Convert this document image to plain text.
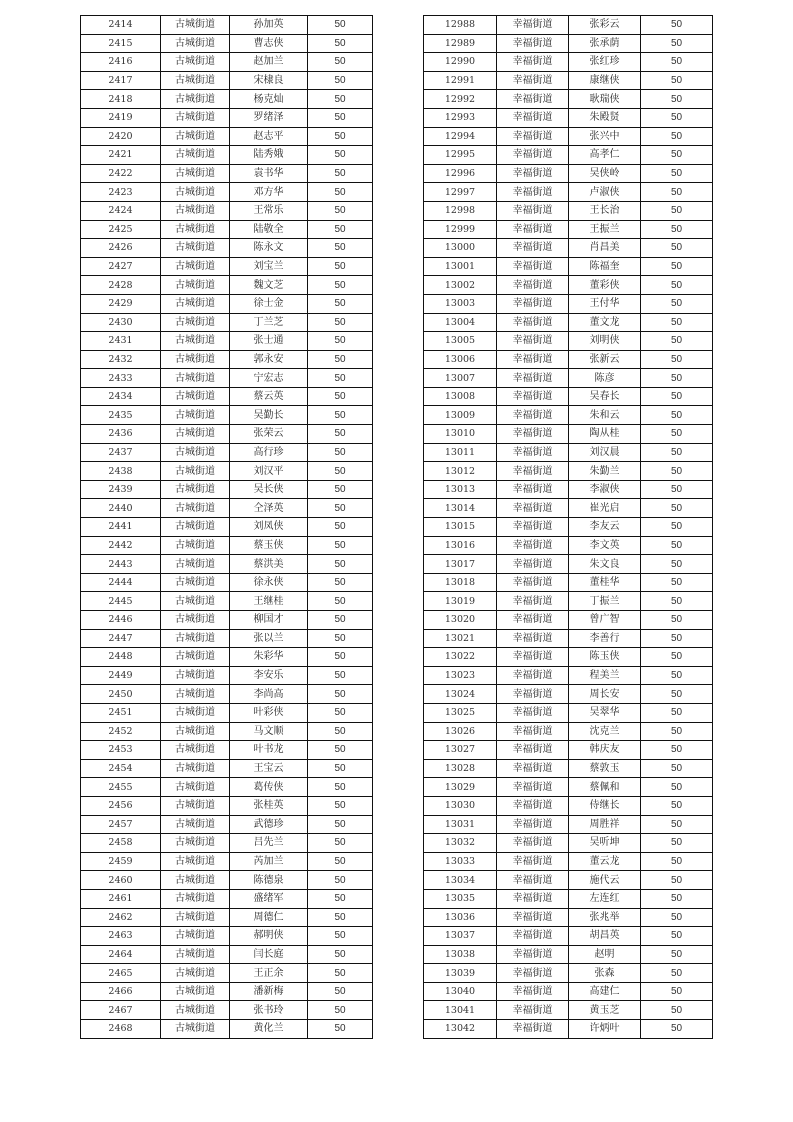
2414	古城街道	孙加英	50
2415	古城街道	曹志侠	50
2416	古城街道	赵加兰	50
2417	古城街道	宋棣良	50
2418	古城街道	杨克灿	50
2419	古城街道	罗绪泽	50
2420	古城街道	赵志平	50
2421	古城街道	陆秀娥	50
2422	古城街道	袁书华	50
2423	古城街道	邓方华	50
2424	古城街道	王常乐	50
2425	古城街道	陆敬全	50
2426	古城街道	陈永文	50
2427	古城街道	刘宝兰	50
2428	古城街道	魏文芝	50
2429	古城街道	徐士金	50
2430	古城街道	丁兰芝	50
2431	古城街道	张士通	50
2432	古城街道	郭永安	50
2433	古城街道	宁宏志	50
2434	古城街道	蔡云英	50
2435	古城街道	吴勤长	50
2436	古城街道	张荣云	50
2437	古城街道	高行珍	50
2438	古城街道	刘汉平	50
2439	古城街道	吴长侠	50
2440	古城街道	仝泽英	50
2441	古城街道	刘凤侠	50
2442	古城街道	蔡玉侠	50
2443	古城街道	蔡洪美	50
2444	古城街道	徐永侠	50
2445	古城街道	王继桂	50
2446	古城街道	柳国才	50
2447	古城街道	张以兰	50
2448	古城街道	朱彩华	50
2449	古城街道	李安乐	50
2450	古城街道	李尚高	50
2451	古城街道	叶彩侠	50
2452	古城街道	马文顺	50
2453	古城街道	叶书龙	50
2454	古城街道	王宝云	50
2455	古城街道	葛传侠	50
2456	古城街道	张桂英	50
2457	古城街道	武德珍	50
2458	古城街道	吕先兰	50
2459	古城街道	芮加兰	50
2460	古城街道	陈德泉	50
2461	古城街道	盛绪军	50
2462	古城街道	周德仁	50
2463	古城街道	郝明侠	50
2464	古城街道	闫长庭	50
2465	古城街道	王正余	50
2466	古城街道	潘新梅	50
2467	古城街道	张书玲	50
2468	古城街道	黄化兰	50
12988	幸福街道	张彩云	50
12989	幸福街道	张承荫	50
12990	幸福街道	张红珍	50
12991	幸福街道	康继侠	50
12992	幸福街道	耿瑞侠	50
12993	幸福街道	朱殿贤	50
12994	幸福街道	张兴中	50
12995	幸福街道	高孝仁	50
12996	幸福街道	吴侠岭	50
12997	幸福街道	卢淑侠	50
12998	幸福街道	王长治	50
12999	幸福街道	王振兰	50
13000	幸福街道	肖昌美	50
13001	幸福街道	陈福奎	50
13002	幸福街道	董彩侠	50
13003	幸福街道	王付华	50
13004	幸福街道	董文龙	50
13005	幸福街道	刘明侠	50
13006	幸福街道	张新云	50
13007	幸福街道	陈彦	50
13008	幸福街道	吴春长	50
13009	幸福街道	朱和云	50
13010	幸福街道	陶从桂	50
13011	幸福街道	刘汉晨	50
13012	幸福街道	朱勤兰	50
13013	幸福街道	李淑侠	50
13014	幸福街道	崔光启	50
13015	幸福街道	李友云	50
13016	幸福街道	李文英	50
13017	幸福街道	朱文良	50
13018	幸福街道	董桂华	50
13019	幸福街道	丁振兰	50
13020	幸福街道	曾广智	50
13021	幸福街道	李善行	50
13022	幸福街道	陈玉侠	50
13023	幸福街道	程美兰	50
13024	幸福街道	周长安	50
13025	幸福街道	吴翠华	50
13026	幸福街道	沈克兰	50
13027	幸福街道	韩庆友	50
13028	幸福街道	蔡敦玉	50
13029	幸福街道	蔡佩和	50
13030	幸福街道	侍继长	50
13031	幸福街道	周胜祥	50
13032	幸福街道	吴听坤	50
13033	幸福街道	董云龙	50
13034	幸福街道	施代云	50
13035	幸福街道	左连红	50
13036	幸福街道	张兆举	50
13037	幸福街道	胡昌英	50
13038	幸福街道	赵明	50
13039	幸福街道	张森	50
13040	幸福街道	高建仁	50
13041	幸福街道	黄玉芝	50
13042	幸福街道	许炳叶	50
